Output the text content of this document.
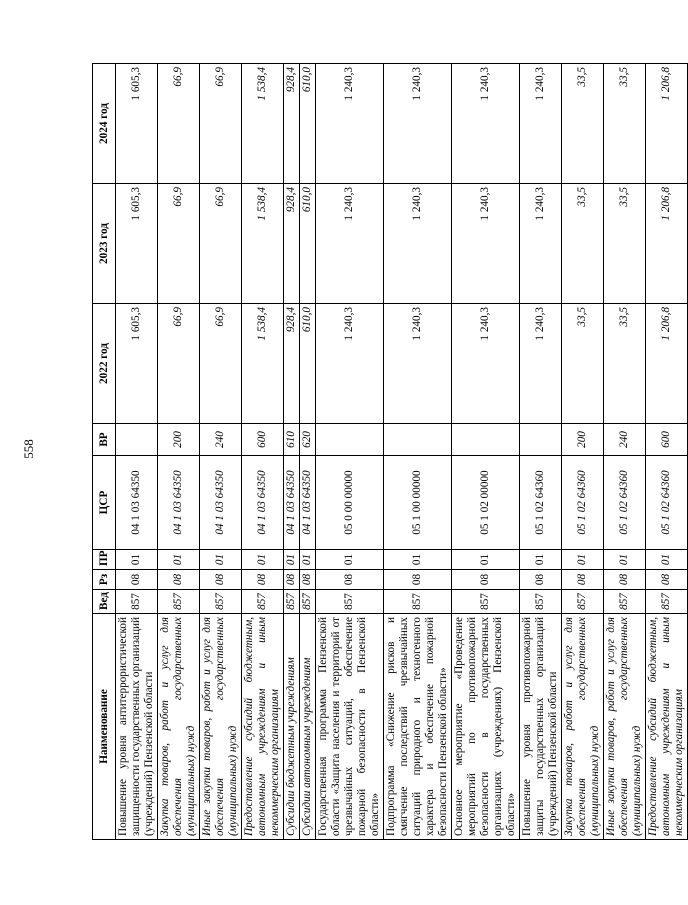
558
Наименование	Вед	Рз	ПР	ЦСР	ВР	2022 год	2023 год	2024 год
Повышение уровня антитеррористической защищенности государственных организаций (учреждений) Пензенской области	857	08	01	04 1 03 64350		1 605,3	1 605,3	1 605,3
Закупка товаров, работ и услуг для обеспечения государственных (муниципальных) нужд	857	08	01	04 1 03 64350	200	66,9	66,9	66,9
Иные закупки товаров, работ и услуг для обеспечения государственных (муниципальных) нужд	857	08	01	04 1 03 64350	240	66,9	66,9	66,9
Предоставление субсидий бюджетным, автономным учреждениям и иным некоммерческим организациям	857	08	01	04 1 03 64350	600	1 538,4	1 538,4	1 538,4
Субсидии бюджетным учреждениям	857	08	01	04 1 03 64350	610	928,4	928,4	928,4
Субсидии автономным учреждениям	857	08	01	04 1 03 64350	620	610,0	610,0	610,0
Государственная программа Пензенской области «Защита населения и территорий от чрезвычайных ситуаций, обеспечение пожарной безопасности в Пензенской области»	857	08	01	05 0 00 00000		1 240,3	1 240,3	1 240,3
Подпрограмма «Снижение рисков и смягчение последствий чрезвычайных ситуаций природного и техногенного характера и обеспечение пожарной безопасности Пензенской области»	857	08	01	05 1 00 00000		1 240,3	1 240,3	1 240,3
Основное мероприятие «Проведение мероприятий по противопожарной безопасности в государственных организациях (учреждениях) Пензенской области»	857	08	01	05 1 02 00000		1 240,3	1 240,3	1 240,3
Повышение уровня противопожарной защиты государственных организаций (учреждений) Пензенской области	857	08	01	05 1 02 64360		1 240,3	1 240,3	1 240,3
Закупка товаров, работ и услуг для обеспечения государственных (муниципальных) нужд	857	08	01	05 1 02 64360	200	33,5	33,5	33,5
Иные закупки товаров, работ и услуг для обеспечения государственных (муниципальных) нужд	857	08	01	05 1 02 64360	240	33,5	33,5	33,5
Предоставление субсидий бюджетным, автономным учреждениям и иным некоммерческим организациям	857	08	01	05 1 02 64360	600	1 206,8	1 206,8	1 206,8
